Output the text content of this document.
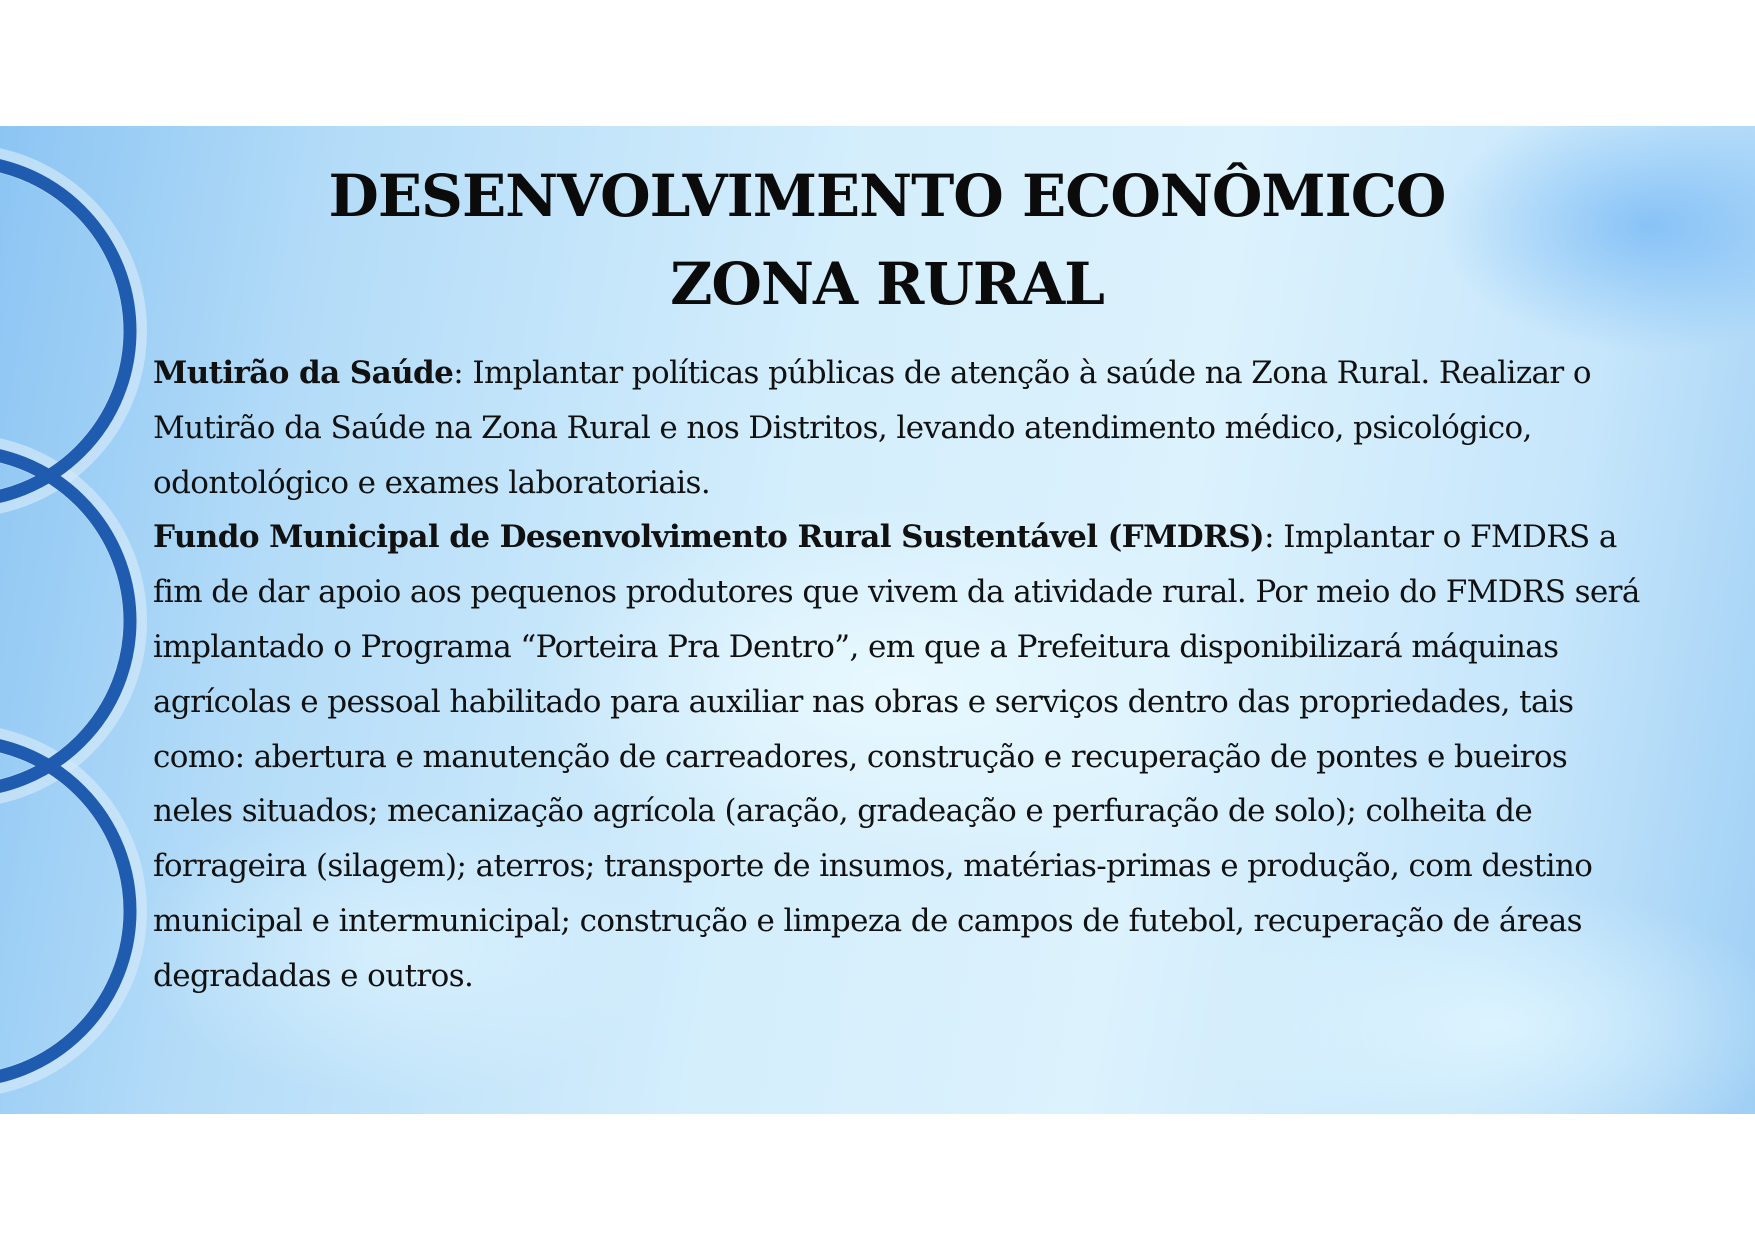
DESENVOLVIMENTO ECONÔMICO
ZONA RURAL

Mutirão da Saúde: Implantar políticas públicas de atenção à saúde na Zona Rural. Realizar o Mutirão da Saúde na Zona Rural e nos Distritos, levando atendimento médico, psicológico, odontológico e exames laboratoriais.
Fundo Municipal de Desenvolvimento Rural Sustentável (FMDRS): Implantar o FMDRS a fim de dar apoio aos pequenos produtores que vivem da atividade rural. Por meio do FMDRS será implantado o Programa “Porteira Pra Dentro”, em que a Prefeitura disponibilizará máquinas agrícolas e pessoal habilitado para auxiliar nas obras e serviços dentro das propriedades, tais como: abertura e manutenção de carreadores, construção e recuperação de pontes e bueiros neles situados; mecanização agrícola (aração, gradeação e perfuração de solo); colheita de forrageira (silagem); aterros; transporte de insumos, matérias-primas e produção, com destino municipal e intermunicipal; construção e limpeza de campos de futebol, recuperação de áreas degradadas e outros.
